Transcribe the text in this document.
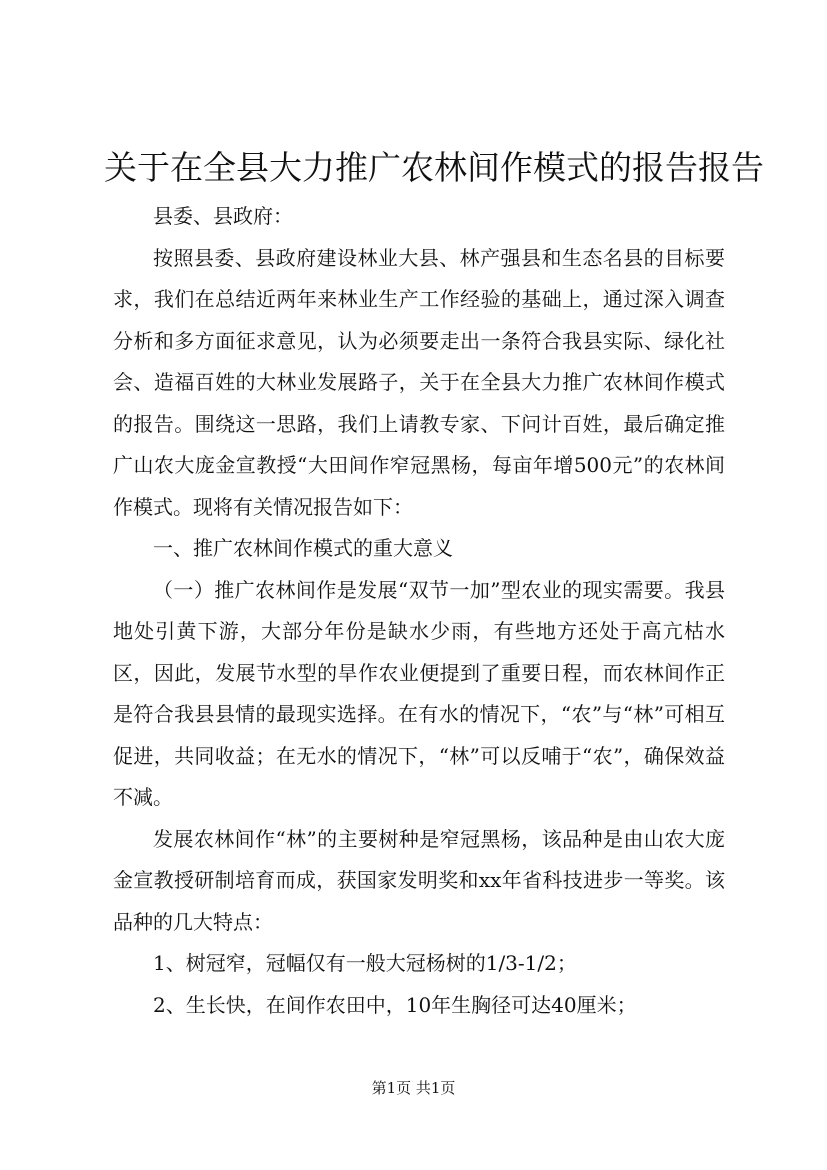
关于在全县大力推广农林间作模式的报告报告

县委、县政府：

按照县委、县政府建设林业大县、林产强县和生态名县的目标要求，我们在总结近两年来林业生产工作经验的基础上，通过深入调查分析和多方面征求意见，认为必须要走出一条符合我县实际、绿化社会、造福百姓的大林业发展路子，关于在全县大力推广农林间作模式的报告。围绕这一思路，我们上请教专家、下问计百姓，最后确定推广山农大庞金宣教授“大田间作窄冠黑杨，每亩年增500元”的农林间作模式。现将有关情况报告如下：

一、推广农林间作模式的重大意义

（一）推广农林间作是发展“双节一加”型农业的现实需要。我县地处引黄下游，大部分年份是缺水少雨，有些地方还处于高亢枯水区，因此，发展节水型的旱作农业便提到了重要日程，而农林间作正是符合我县县情的最现实选择。在有水的情况下，“农”与“林”可相互促进，共同收益；在无水的情况下，“林”可以反哺于“农”，确保效益不减。

发展农林间作“林”的主要树种是窄冠黑杨，该品种是由山农大庞金宣教授研制培育而成，获国家发明奖和xx年省科技进步一等奖。该品种的几大特点：

1、树冠窄，冠幅仅有一般大冠杨树的1/3-1/2；

2、生长快，在间作农田中，10年生胸径可达40厘米；

第1页 共1页
